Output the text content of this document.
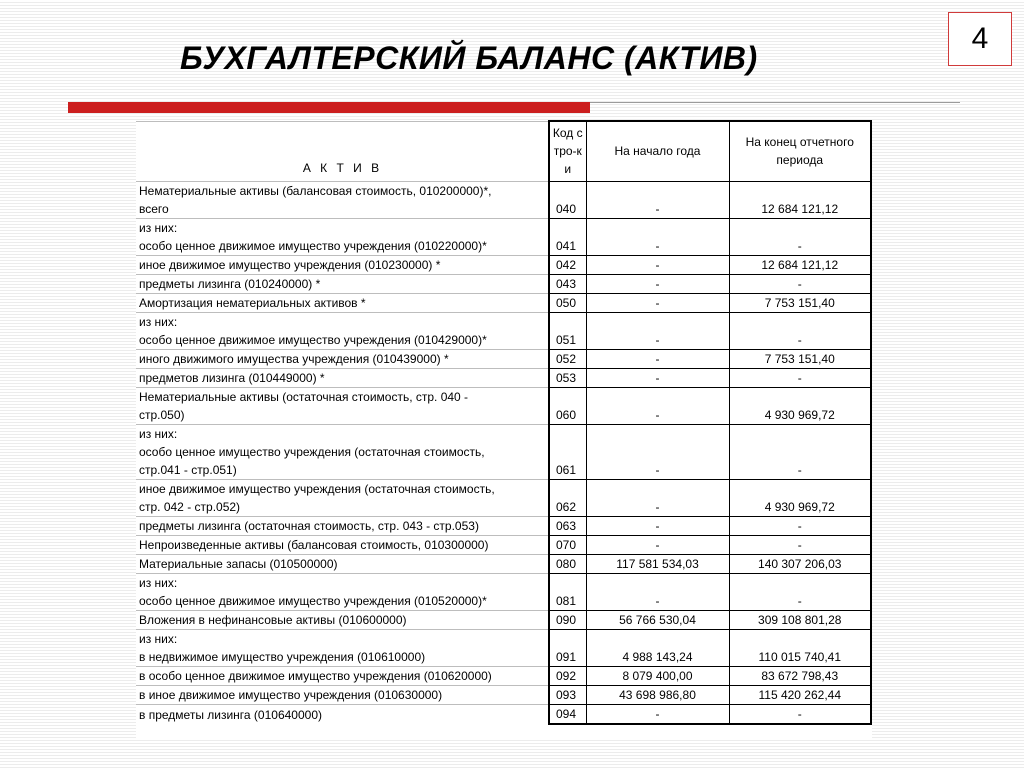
БУХГАЛТЕРСКИЙ БАЛАНС (АКТИВ)
4
А К Т И В	Код стро-ки	На начало года	На конец отчетного периода

Нематериальные активы (балансовая стоимость, 010200000)*,
всего	040	-	12 684 121,12

из них:
особо ценное движимое имущество учреждения (010220000)*	041	-	-

иное движимое имущество учреждения (010230000) *	042	-	12 684 121,12

предметы лизинга (010240000) *	043	-	-

Амортизация нематериальных активов *	050	-	7 753 151,40

из них:
особо ценное движимое имущество учреждения (010429000)*	051	-	-

иного движимого имущества учреждения (010439000) *	052	-	7 753 151,40

предметов лизинга (010449000) *	053	-	-

Нематериальные активы (остаточная стоимость, стр. 040 -
стр.050)	060	-	4 930 969,72

из них:
особо ценное имущество учреждения (остаточная стоимость,
стр.041 - стр.051)	061	-	-

иное движимое имущество учреждения (остаточная стоимость,
стр. 042 - стр.052)	062	-	4 930 969,72

предметы лизинга (остаточная стоимость, стр. 043 - стр.053)	063	-	-

Непроизведенные активы (балансовая стоимость, 010300000)	070	-	-

Материальные запасы (010500000)	080	117 581 534,03	140 307 206,03

из них:
особо ценное движимое имущество учреждения (010520000)*	081	-	-

Вложения в нефинансовые активы (010600000)	090	56 766 530,04	309 108 801,28

из них:
в недвижимое имущество учреждения (010610000)	091	4 988 143,24	110 015 740,41

в особо ценное движимое имущество учреждения (010620000)	092	8 079 400,00	83 672 798,43

в иное движимое имущество учреждения (010630000)	093	43 698 986,80	115 420 262,44

в предметы лизинга (010640000)	094	-	-
